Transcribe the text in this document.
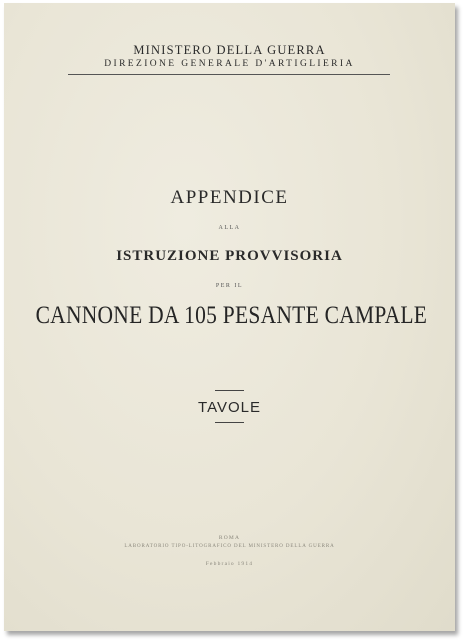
MINISTERO DELLA GUERRA
DIREZIONE GENERALE D'ARTIGLIERIA
APPENDICE
ALLA
ISTRUZIONE PROVVISORIA
PER IL
CANNONE DA 105 PESANTE CAMPALE
TAVOLE
ROMA
LABORATORIO TIPO-LITOGRAFICO DEL MINISTERO DELLA GUERRA
Febbraio 1914
